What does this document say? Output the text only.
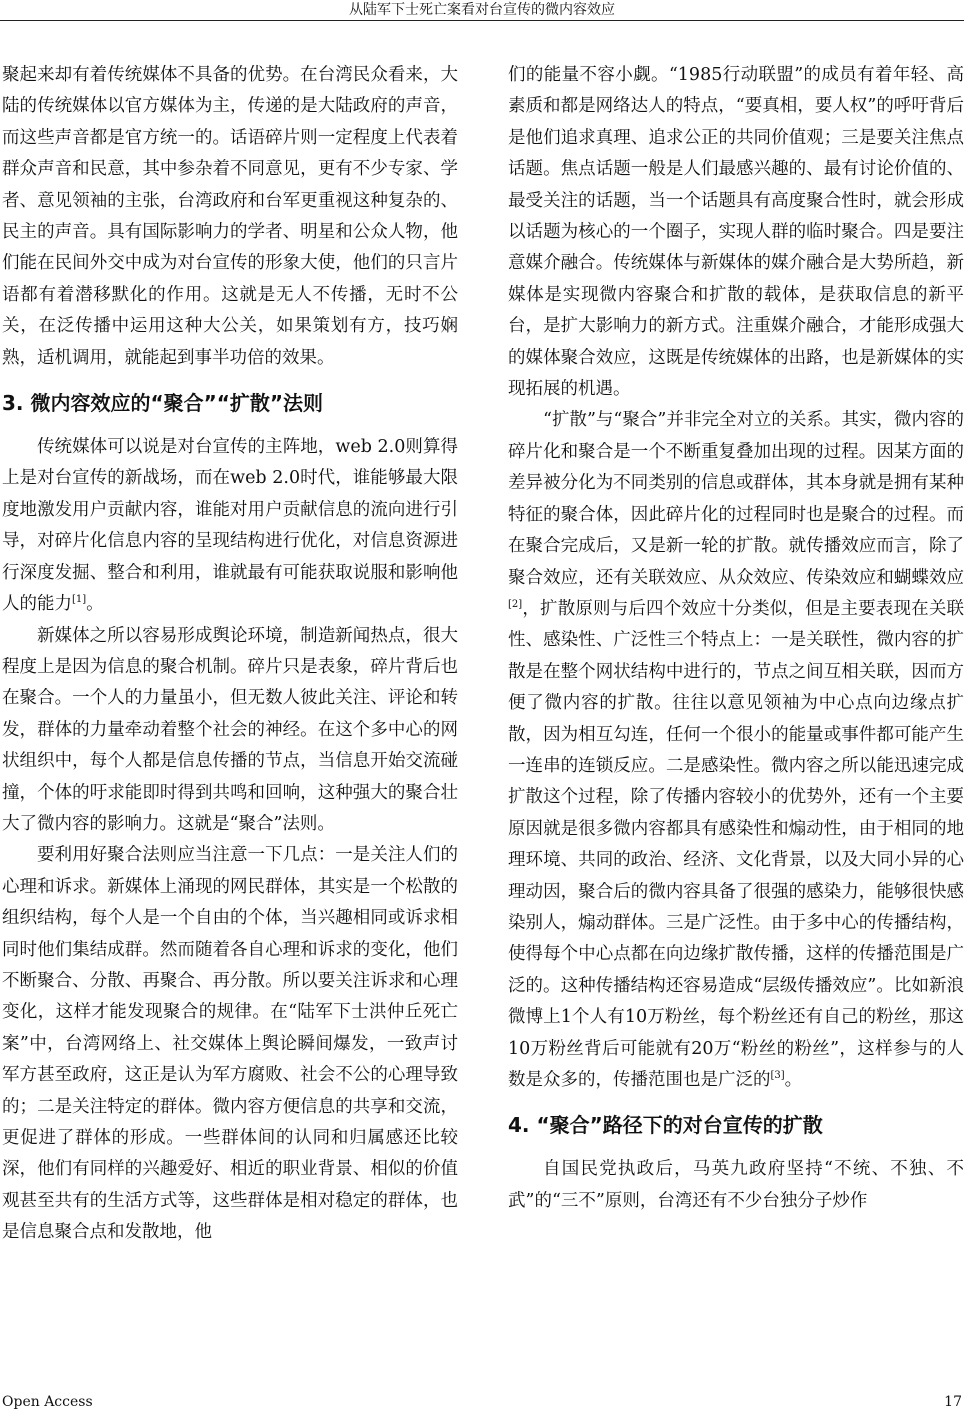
从陆军下士死亡案看对台宣传的微内容效应

聚起来却有着传统媒体不具备的优势。在台湾民众看来，大陆的传统媒体以官方媒体为主，传递的是大陆政府的声音，而这些声音都是官方统一的。话语碎片则一定程度上代表着群众声音和民意，其中参杂着不同意见，更有不少专家、学者、意见领袖的主张，台湾政府和台军更重视这种复杂的、民主的声音。具有国际影响力的学者、明星和公众人物，他们能在民间外交中成为对台宣传的形象大使，他们的只言片语都有着潜移默化的作用。这就是无人不传播，无时不公关，在泛传播中运用这种大公关，如果策划有方，技巧娴熟，适机调用，就能起到事半功倍的效果。

3. 微内容效应的“聚合”“扩散”法则

传统媒体可以说是对台宣传的主阵地，web 2.0则算得上是对台宣传的新战场，而在web 2.0时代，谁能够最大限度地激发用户贡献内容，谁能对用户贡献信息的流向进行引导，对碎片化信息内容的呈现结构进行优化，对信息资源进行深度发掘、整合和利用，谁就最有可能获取说服和影响他人的能力[1]。

新媒体之所以容易形成舆论环境，制造新闻热点，很大程度上是因为信息的聚合机制。碎片只是表象，碎片背后也在聚合。一个人的力量虽小，但无数人彼此关注、评论和转发，群体的力量牵动着整个社会的神经。在这个多中心的网状组织中，每个人都是信息传播的节点，当信息开始交流碰撞，个体的吁求能即时得到共鸣和回响，这种强大的聚合壮大了微内容的影响力。这就是“聚合”法则。

要利用好聚合法则应当注意一下几点：一是关注人们的心理和诉求。新媒体上涌现的网民群体，其实是一个松散的组织结构，每个人是一个自由的个体，当兴趣相同或诉求相同时他们集结成群。然而随着各自心理和诉求的变化，他们不断聚合、分散、再聚合、再分散。所以要关注诉求和心理变化，这样才能发现聚合的规律。在“陆军下士洪仲丘死亡案”中，台湾网络上、社交媒体上舆论瞬间爆发，一致声讨军方甚至政府，这正是认为军方腐败、社会不公的心理导致的；二是关注特定的群体。微内容方便信息的共享和交流，更促进了群体的形成。一些群体间的认同和归属感还比较深，他们有同样的兴趣爱好、相近的职业背景、相似的价值观甚至共有的生活方式等，这些群体是相对稳定的群体，也是信息聚合点和发散地，他

们的能量不容小觑。“1985行动联盟”的成员有着年轻、高素质和都是网络达人的特点，“要真相，要人权”的呼吁背后是他们追求真理、追求公正的共同价值观；三是要关注焦点话题。焦点话题一般是人们最感兴趣的、最有讨论价值的、最受关注的话题，当一个话题具有高度聚合性时，就会形成以话题为核心的一个圈子，实现人群的临时聚合。四是要注意媒介融合。传统媒体与新媒体的媒介融合是大势所趋，新媒体是实现微内容聚合和扩散的载体，是获取信息的新平台，是扩大影响力的新方式。注重媒介融合，才能形成强大的媒体聚合效应，这既是传统媒体的出路，也是新媒体的实现拓展的机遇。

“扩散”与“聚合”并非完全对立的关系。其实，微内容的碎片化和聚合是一个不断重复叠加出现的过程。因某方面的差异被分化为不同类别的信息或群体，其本身就是拥有某种特征的聚合体，因此碎片化的过程同时也是聚合的过程。而在聚合完成后，又是新一轮的扩散。就传播效应而言，除了聚合效应，还有关联效应、从众效应、传染效应和蝴蝶效应[2]，扩散原则与后四个效应十分类似，但是主要表现在关联性、感染性、广泛性三个特点上：一是关联性，微内容的扩散是在整个网状结构中进行的，节点之间互相关联，因而方便了微内容的扩散。往往以意见领袖为中心点向边缘点扩散，因为相互勾连，任何一个很小的能量或事件都可能产生一连串的连锁反应。二是感染性。微内容之所以能迅速完成扩散这个过程，除了传播内容较小的优势外，还有一个主要原因就是很多微内容都具有感染性和煽动性，由于相同的地理环境、共同的政治、经济、文化背景，以及大同小异的心理动因，聚合后的微内容具备了很强的感染力，能够很快感染别人，煽动群体。三是广泛性。由于多中心的传播结构，使得每个中心点都在向边缘扩散传播，这样的传播范围是广泛的。这种传播结构还容易造成“层级传播效应”。比如新浪微博上1个人有10万粉丝，每个粉丝还有自己的粉丝，那这10万粉丝背后可能就有20万“粉丝的粉丝”，这样参与的人数是众多的，传播范围也是广泛的[3]。

4. “聚合”路径下的对台宣传的扩散

自国民党执政后，马英九政府坚持“不统、不独、不武”的“三不”原则，台湾还有不少台独分子炒作

Open Access	17
